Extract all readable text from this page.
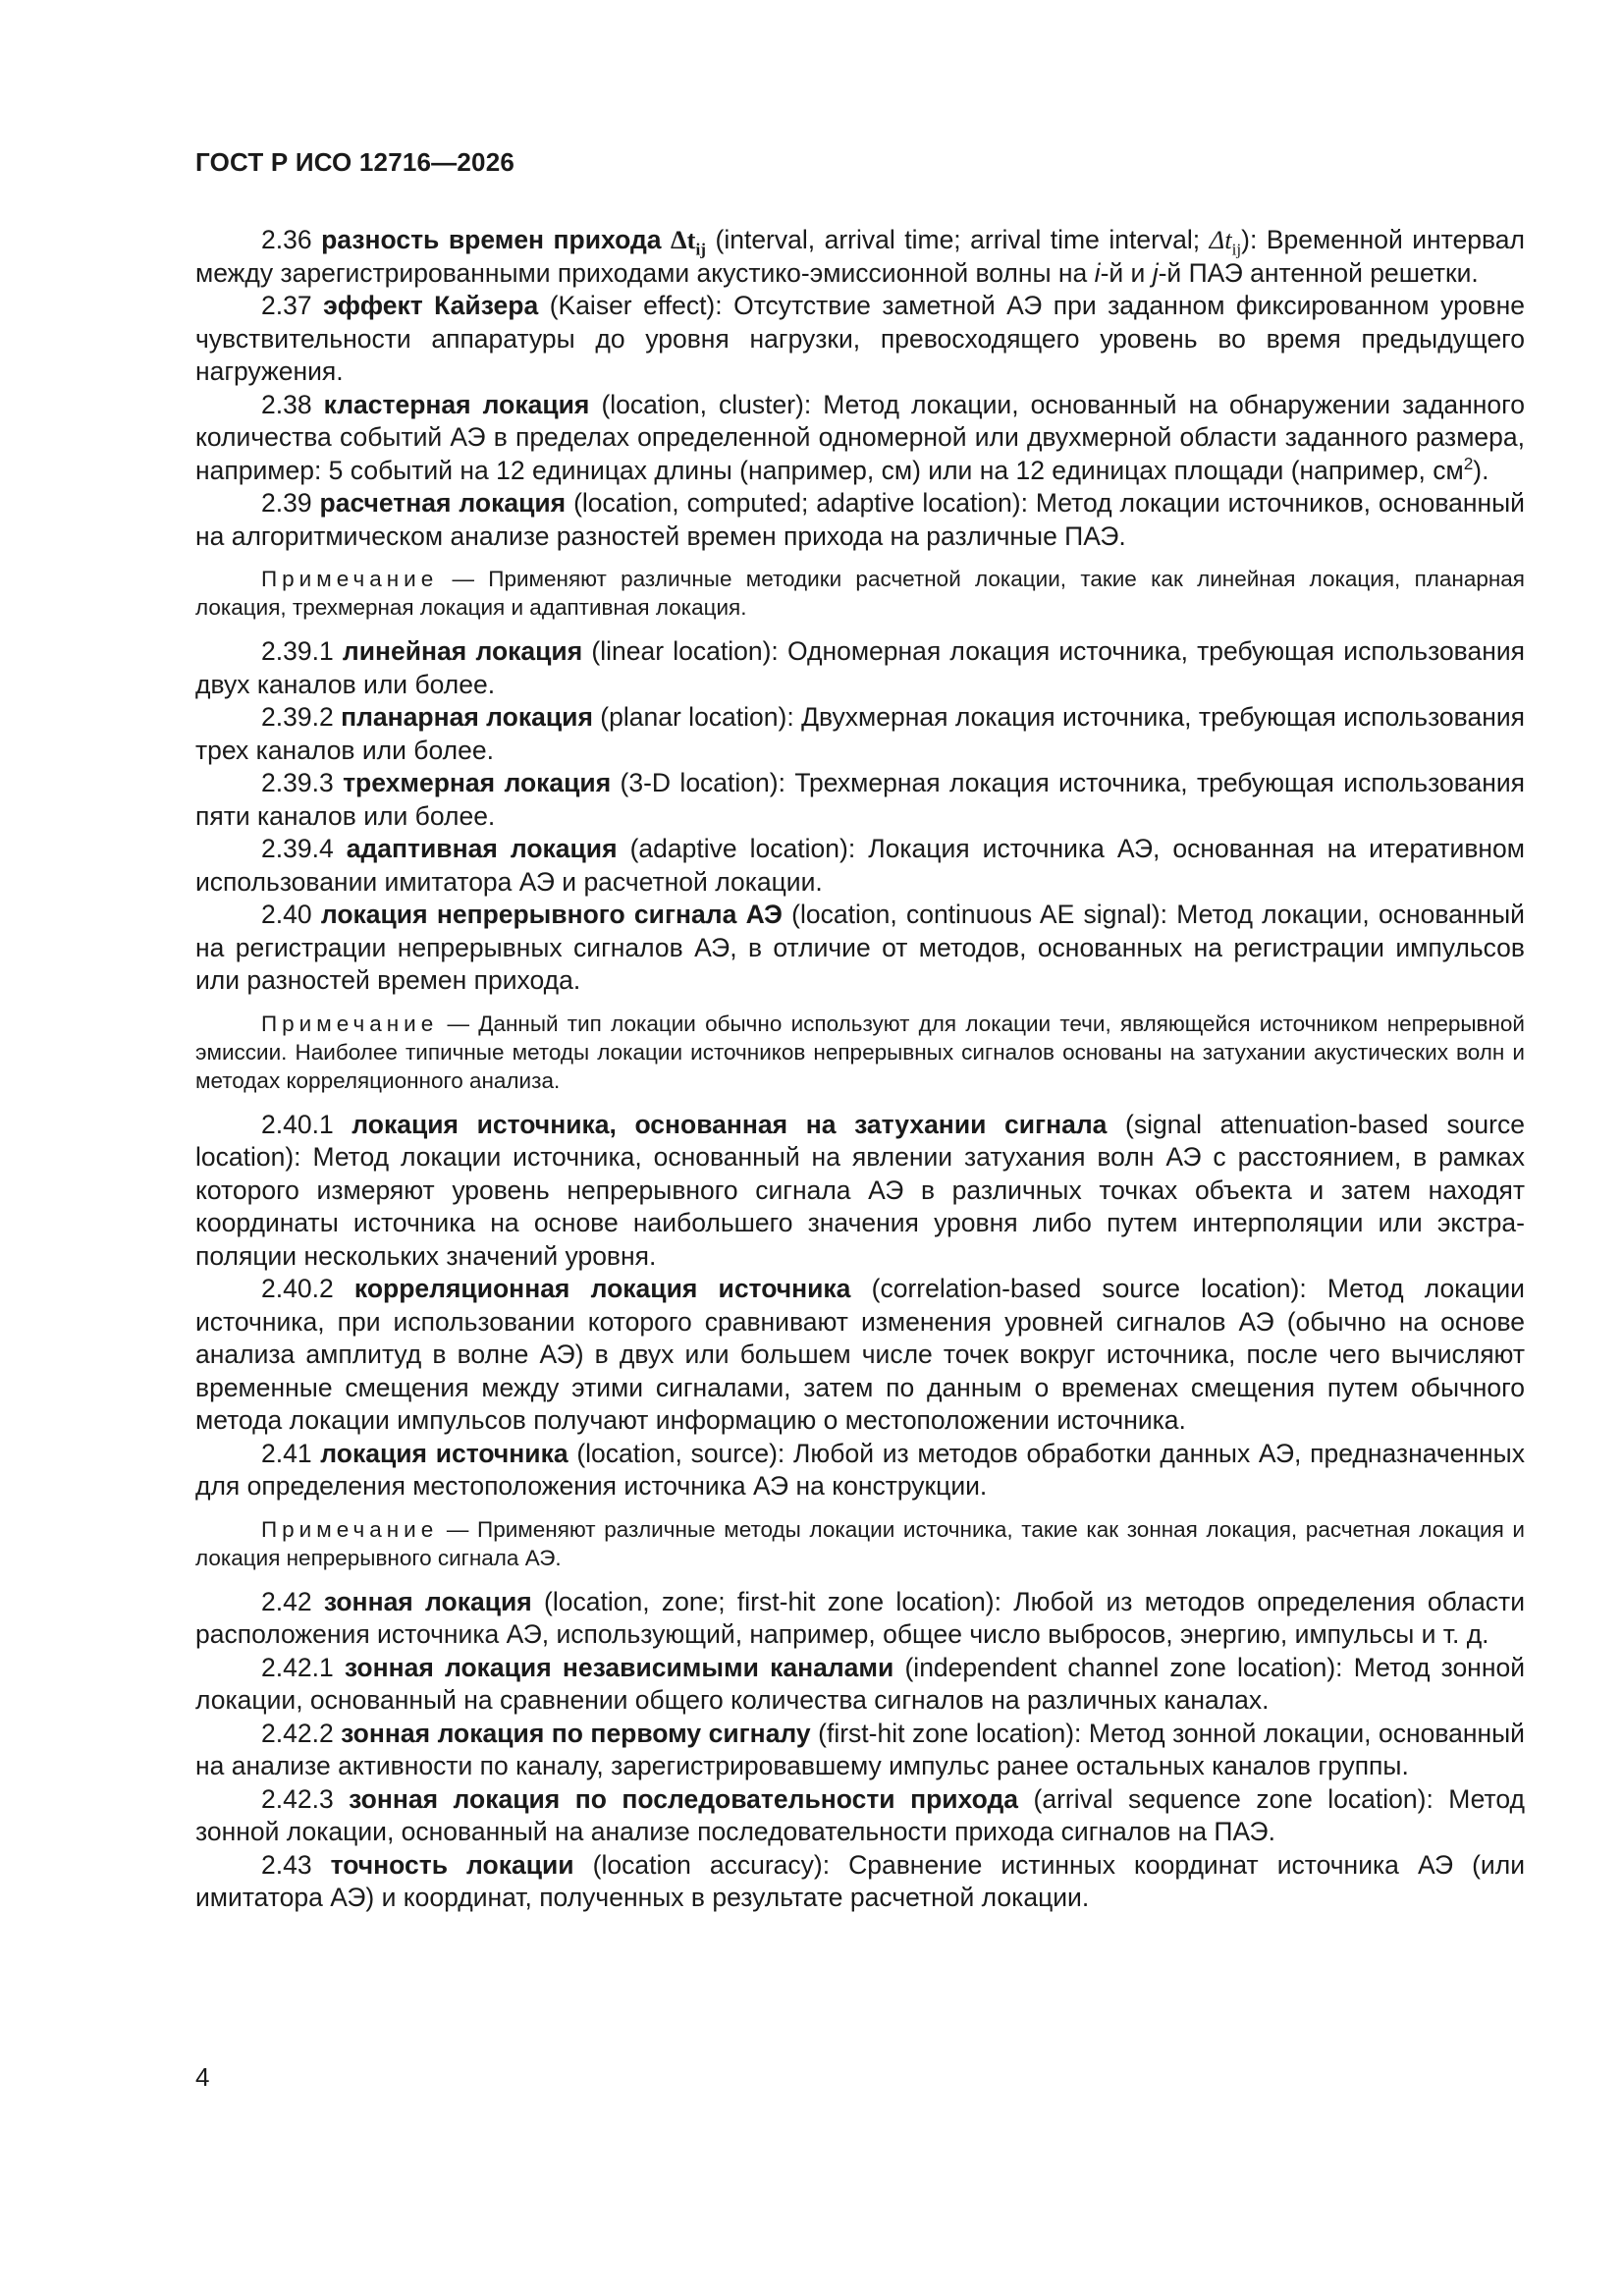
ГОСТ Р ИСО 12716—2026

2.36 разность времен прихода $\Delta t_{ij}$ (interval, arrival time; arrival time interval; $\Delta t_{ij}$): Временной интервал между зарегистрированными приходами акустико-эмиссионной волны на i-й и j-й ПАЭ антенной решетки.

2.37 эффект Кайзера (Kaiser effect): Отсутствие заметной АЭ при заданном фиксированном уровне чувствительности аппаратуры до уровня нагрузки, превосходящего уровень во время предыдущего нагружения.

2.38 кластерная локация (location, cluster): Метод локации, основанный на обнаружении заданного количества событий АЭ в пределах определенной одномерной или двухмерной области заданного размера, например: 5 событий на 12 единицах длины (например, см) или на 12 единицах площади (например, $см^2$).

2.39 расчетная локация (location, computed; adaptive location): Метод локации источников, основанный на алгоритмическом анализе разностей времен прихода на различные ПАЭ.

Примечание — Применяют различные методики расчетной локации, такие как линейная локация, планарная локация, трехмерная локация и адаптивная локация.

2.39.1 линейная локация (linear location): Одномерная локация источника, требующая использования двух каналов или более.

2.39.2 планарная локация (planar location): Двухмерная локация источника, требующая использования трех каналов или более.

2.39.3 трехмерная локация (3-D location): Трехмерная локация источника, требующая использования пяти каналов или более.

2.39.4 адаптивная локация (adaptive location): Локация источника АЭ, основанная на итеративном использовании имитатора АЭ и расчетной локации.

2.40 локация непрерывного сигнала АЭ (location, continuous AE signal): Метод локации, основанный на регистрации непрерывных сигналов АЭ, в отличие от методов, основанных на регистрации импульсов или разностей времен прихода.

Примечание — Данный тип локации обычно используют для локации течи, являющейся источником непрерывной эмиссии. Наиболее типичные методы локации источников непрерывных сигналов основаны на затухании акустических волн и методах корреляционного анализа.

2.40.1 локация источника, основанная на затухании сигнала (signal attenuation-based source location): Метод локации источника, основанный на явлении затухания волн АЭ с расстоянием, в рамках которого измеряют уровень непрерывного сигнала АЭ в различных точках объекта и затем находят координаты источника на основе наибольшего значения уровня либо путем интерполяции или экстраполяции нескольких значений уровня.

2.40.2 корреляционная локация источника (correlation-based source location): Метод локации источника, при использовании которого сравнивают изменения уровней сигналов АЭ (обычно на основе анализа амплитуд в волне АЭ) в двух или большем числе точек вокруг источника, после чего вычисляют временные смещения между этими сигналами, затем по данным о временах смещения путем обычного метода локации импульсов получают информацию о местоположении источника.

2.41 локация источника (location, source): Любой из методов обработки данных АЭ, предназначенных для определения местоположения источника АЭ на конструкции.

Примечание — Применяют различные методы локации источника, такие как зонная локация, расчетная локация и локация непрерывного сигнала АЭ.

2.42 зонная локация (location, zone; first-hit zone location): Любой из методов определения области расположения источника АЭ, использующий, например, общее число выбросов, энергию, импульсы и т. д.

2.42.1 зонная локация независимыми каналами (independent channel zone location): Метод зонной локации, основанный на сравнении общего количества сигналов на различных каналах.

2.42.2 зонная локация по первому сигналу (first-hit zone location): Метод зонной локации, основанный на анализе активности по каналу, зарегистрировавшему импульс ранее остальных каналов группы.

2.42.3 зонная локация по последовательности прихода (arrival sequence zone location): Метод зонной локации, основанный на анализе последовательности прихода сигналов на ПАЭ.

2.43 точность локации (location accuracy): Сравнение истинных координат источника АЭ (или имитатора АЭ) и координат, полученных в результате расчетной локации.

4
